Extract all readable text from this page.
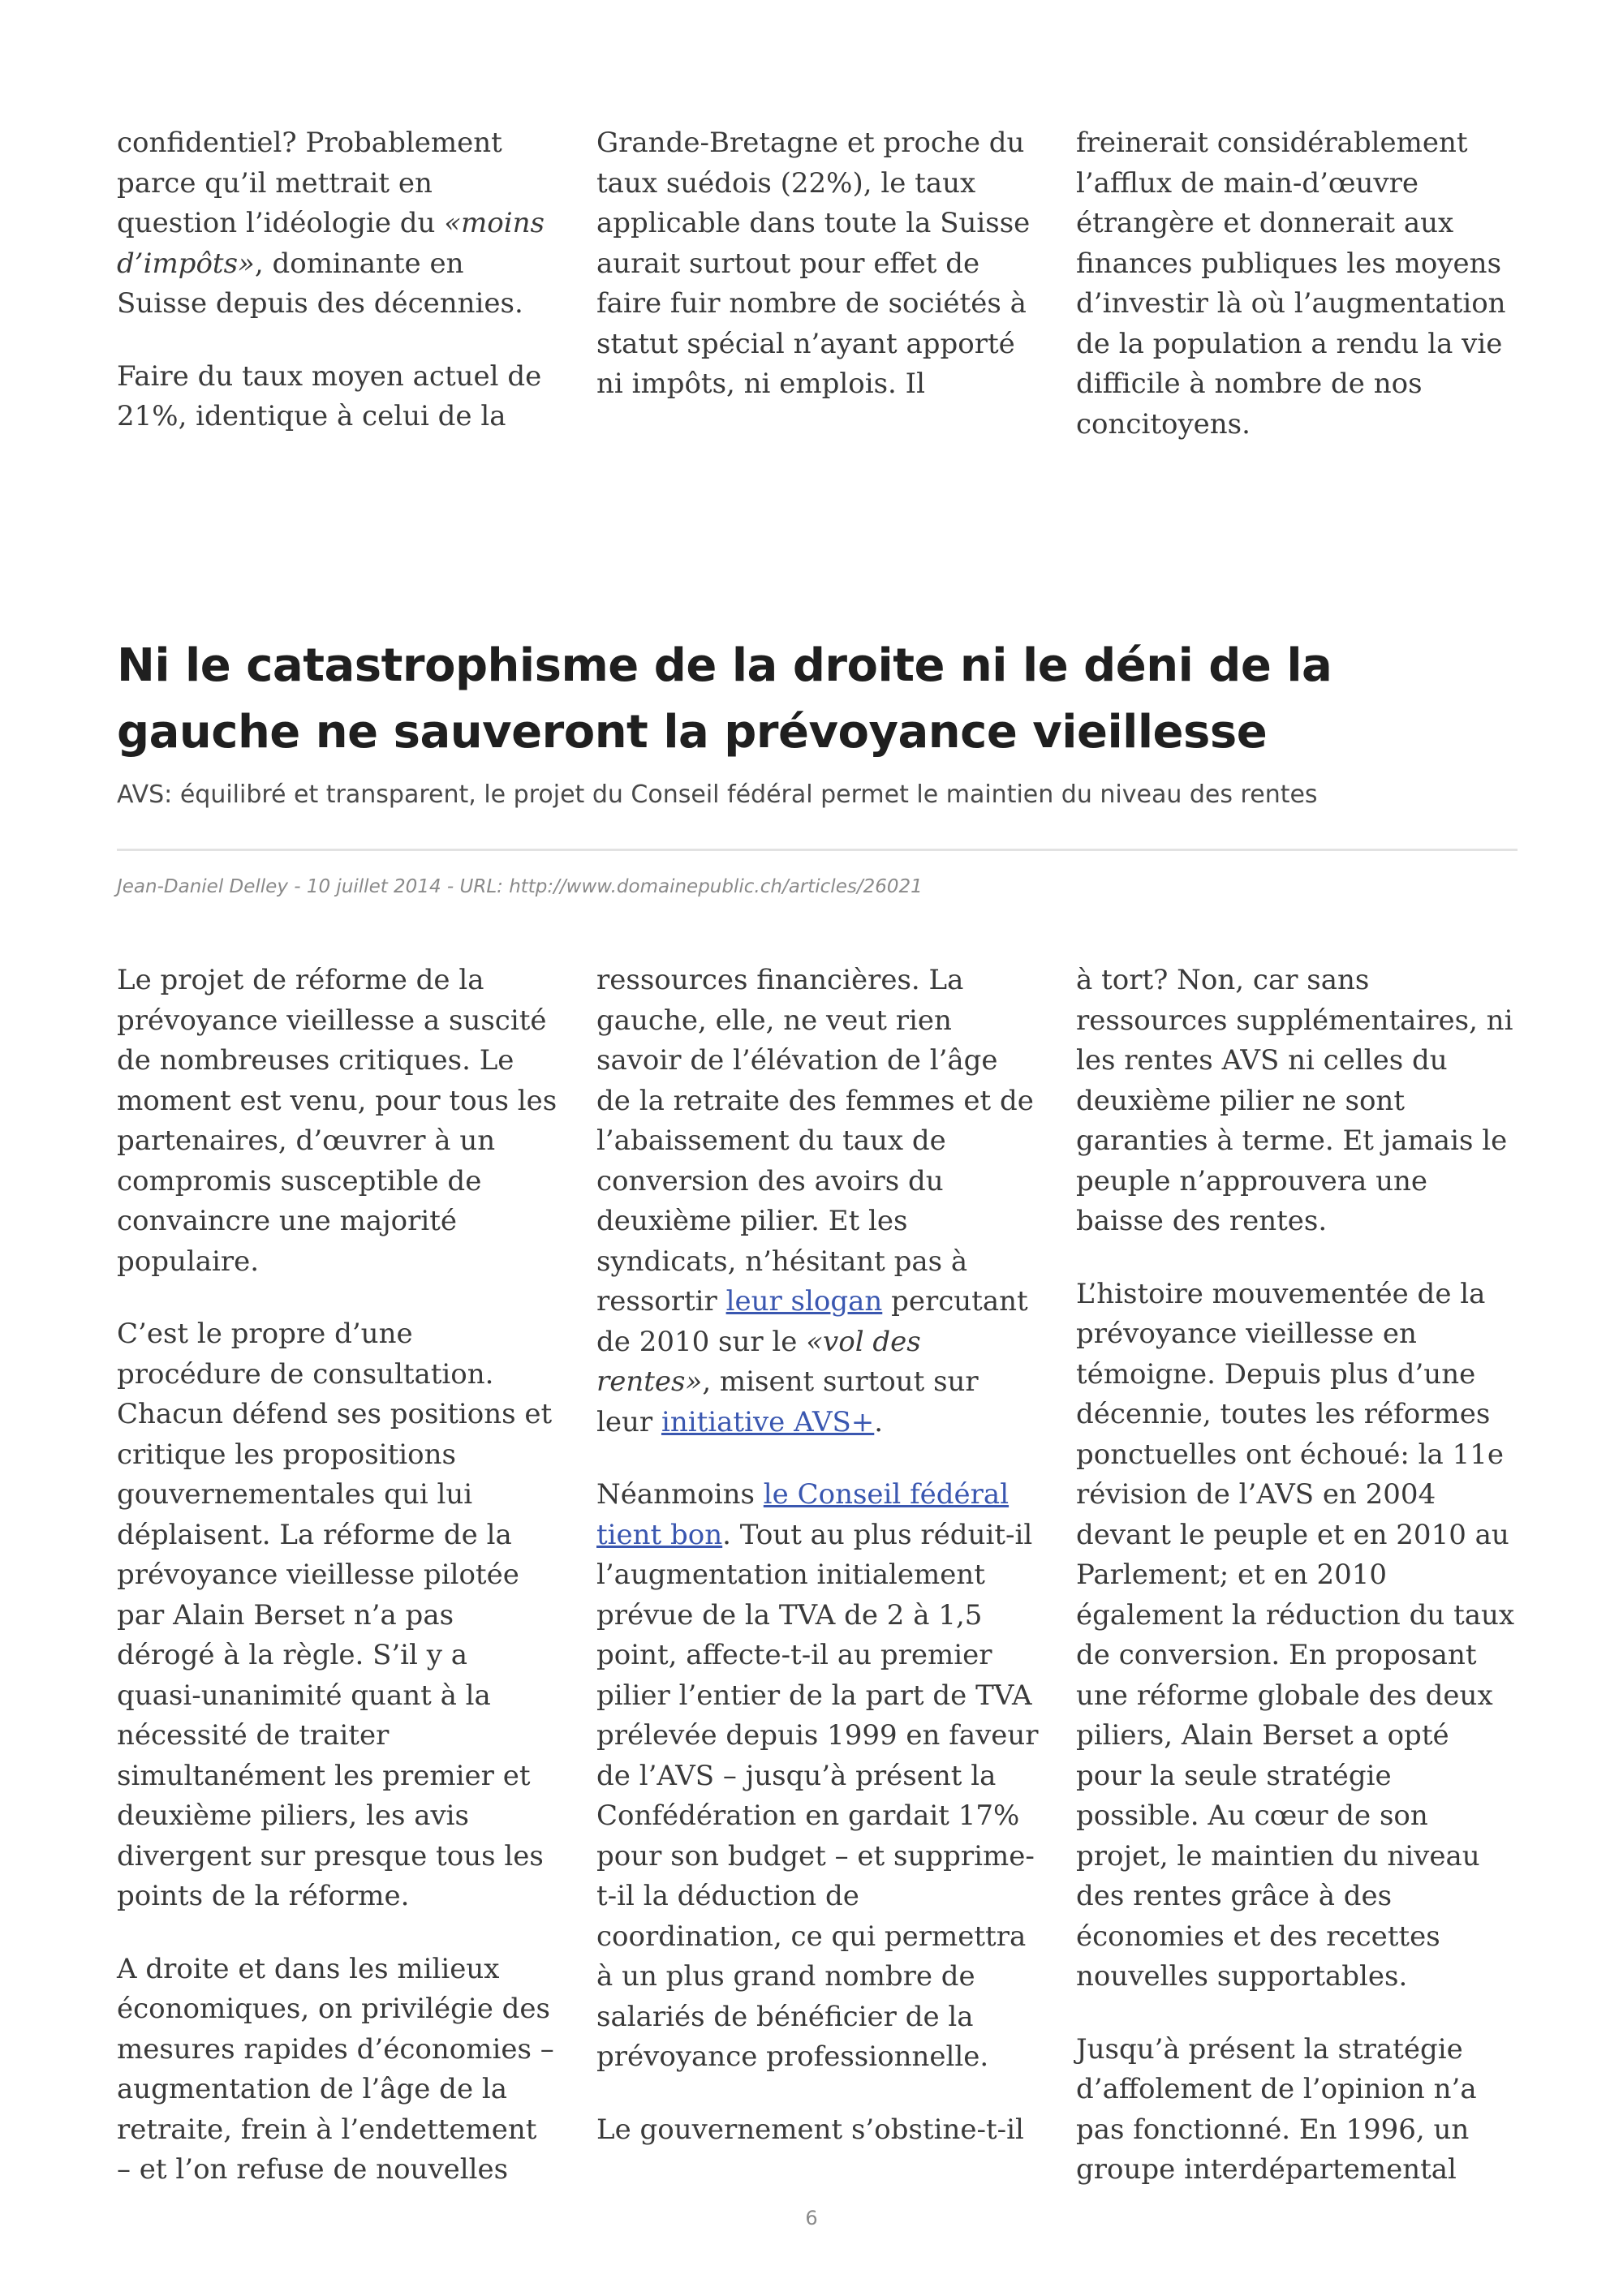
confidentiel? Probablement parce qu’il mettrait en question l’idéologie du «moins d’impôts», dominante en Suisse depuis des décennies.

Faire du taux moyen actuel de 21%, identique à celui de la

Grande-Bretagne et proche du taux suédois (22%), le taux applicable dans toute la Suisse aurait surtout pour effet de faire fuir nombre de sociétés à statut spécial n’ayant apporté ni impôts, ni emplois. Il

freinerait considérablement l’afflux de main-d’œuvre étrangère et donnerait aux finances publiques les moyens d’investir là où l’augmentation de la population a rendu la vie difficile à nombre de nos concitoyens.

Ni le catastrophisme de la droite ni le déni de la gauche ne sauveront la prévoyance vieillesse

AVS: équilibré et transparent, le projet du Conseil fédéral permet le maintien du niveau des rentes

Jean-Daniel Delley - 10 juillet 2014 - URL: http://www.domainepublic.ch/articles/26021

Le projet de réforme de la prévoyance vieillesse a suscité de nombreuses critiques. Le moment est venu, pour tous les partenaires, d’œuvrer à un compromis susceptible de convaincre une majorité populaire.

C’est le propre d’une procédure de consultation. Chacun défend ses positions et critique les propositions gouvernementales qui lui déplaisent. La réforme de la prévoyance vieillesse pilotée par Alain Berset n’a pas dérogé à la règle. S’il y a quasi-unanimité quant à la nécessité de traiter simultanément les premier et deuxième piliers, les avis divergent sur presque tous les points de la réforme.

A droite et dans les milieux économiques, on privilégie des mesures rapides d’économies – augmentation de l’âge de la retraite, frein à l’endettement – et l’on refuse de nouvelles

ressources financières. La gauche, elle, ne veut rien savoir de l’élévation de l’âge de la retraite des femmes et de l’abaissement du taux de conversion des avoirs du deuxième pilier. Et les syndicats, n’hésitant pas à ressortir leur slogan percutant de 2010 sur le «vol des rentes», misent surtout sur leur initiative AVS+.

Néanmoins le Conseil fédéral tient bon. Tout au plus réduit-il l’augmentation initialement prévue de la TVA de 2 à 1,5 point, affecte-t-il au premier pilier l’entier de la part de TVA prélevée depuis 1999 en faveur de l’AVS – jusqu’à présent la Confédération en gardait 17% pour son budget – et supprime-t-il la déduction de coordination, ce qui permettra à un plus grand nombre de salariés de bénéficier de la prévoyance professionnelle.

Le gouvernement s’obstine-t-il

à tort? Non, car sans ressources supplémentaires, ni les rentes AVS ni celles du deuxième pilier ne sont garanties à terme. Et jamais le peuple n’approuvera une baisse des rentes.

L’histoire mouvementée de la prévoyance vieillesse en témoigne. Depuis plus d’une décennie, toutes les réformes ponctuelles ont échoué: la 11e révision de l’AVS en 2004 devant le peuple et en 2010 au Parlement; et en 2010 également la réduction du taux de conversion. En proposant une réforme globale des deux piliers, Alain Berset a opté pour la seule stratégie possible. Au cœur de son projet, le maintien du niveau des rentes grâce à des économies et des recettes nouvelles supportables.

Jusqu’à présent la stratégie d’affolement de l’opinion n’a pas fonctionné. En 1996, un groupe interdépartemental

6
